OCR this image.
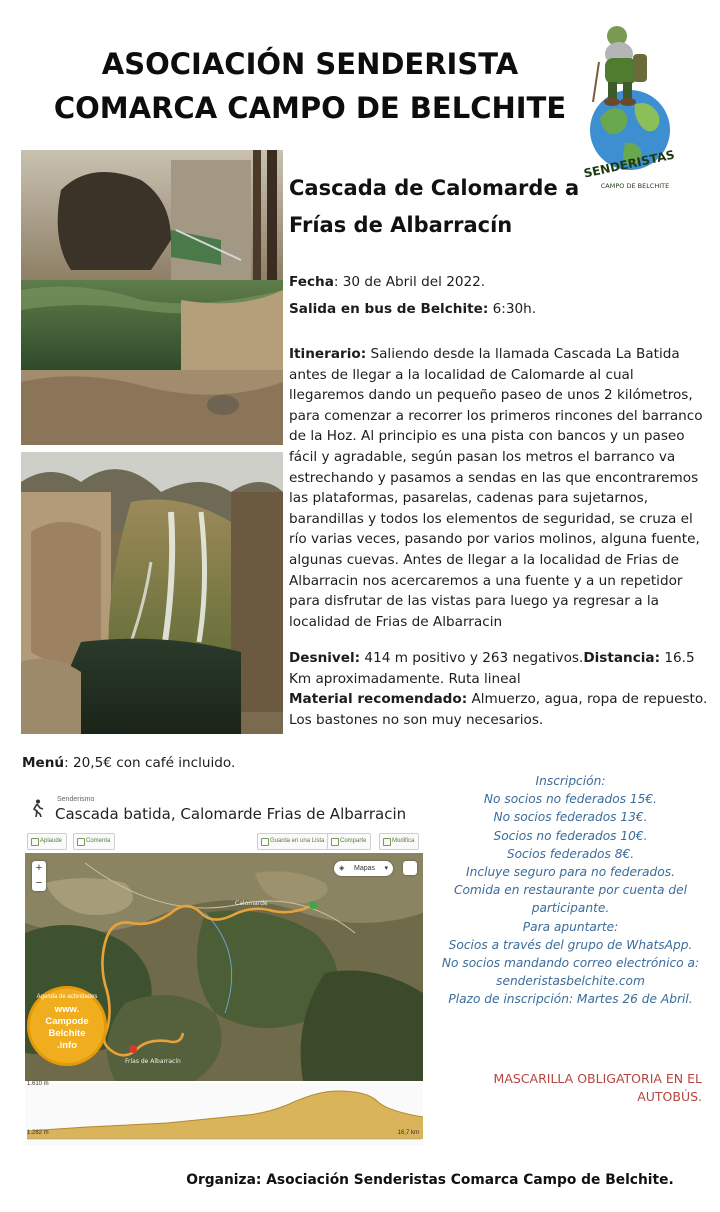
ASOCIACIÓN SENDERISTA
COMARCA CAMPO DE BELCHITE
SENDERISTAS
CAMPO DE BELCHITE
Cascada de Calomarde a
Frías de Albarracín
Fecha: 30 de Abril del 2022.
Salida en bus de Belchite: 6:30h.
Itinerario: Saliendo desde la llamada Cascada La Batida antes de llegar a la localidad de Calomarde al cual llegaremos dando un pequeño paseo de unos 2 kilómetros, para comenzar a recorrer los primeros rincones del barranco de la Hoz. Al principio es una pista con bancos y un paseo fácil y agradable, según pasan los metros el barranco va estrechando y pasamos a sendas en las que encontraremos las plataformas, pasarelas, cadenas para sujetarnos, barandillas y todos los elementos de seguridad, se cruza el río varias veces, pasando por varios molinos, alguna fuente, algunas cuevas. Antes de llegar a la localidad de Frias de Albarracin nos acercaremos a una fuente y a un repetidor para disfrutar de las vistas para luego ya regresar a la localidad de Frias de Albarracin
Desnivel: 414 m positivo y 263 negativos.Distancia: 16.5 Km aproximadamente. Ruta lineal
Material recomendado: Almuerzo, agua, ropa de repuesto. Los bastones no son muy necesarios.
Menú: 20,5€ con café incluido.
Senderismo
Cascada batida, Calomarde Frias de Albarracin
Aplaude	Comenta	Guarda en una Lista	Comparte	Modifica
Calomarde
Frías de Albarracín
+
−
◈ Mapas ▾
www.
Campode
Belchite
.info
Agenda de actividades
1.610 m
1.282 m	16,7 km
Inscripción:
No socios no federados 15€.
No socios federados 13€.
Socios no federados 10€.
Socios federados 8€.
Incluye seguro para no federados.
Comida en restaurante por cuenta del participante.
Para apuntarte:
Socios a través del grupo de WhatsApp.
No socios mandando correo electrónico a: senderistasbelchite.com
Plazo de inscripción: Martes 26 de Abril.
MASCARILLA OBLIGATORIA EN EL AUTOBÚS.
Organiza: Asociación Senderistas Comarca Campo de Belchite.
